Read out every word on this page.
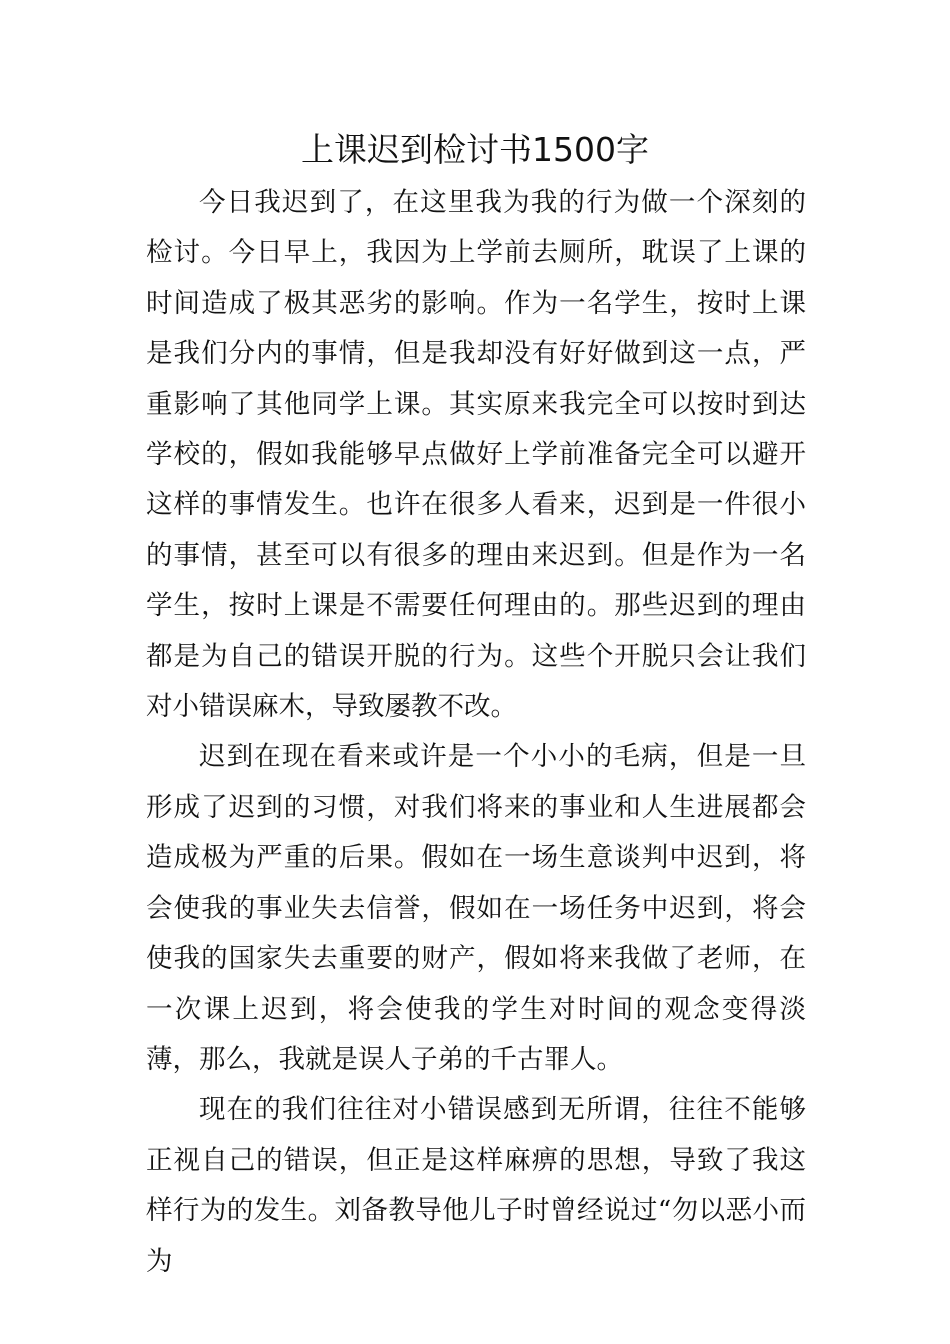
上课迟到检讨书1500字

今日我迟到了，在这里我为我的行为做一个深刻的检讨。今日早上，我因为上学前去厕所，耽误了上课的时间造成了极其恶劣的影响。作为一名学生，按时上课是我们分内的事情，但是我却没有好好做到这一点，严重影响了其他同学上课。其实原来我完全可以按时到达学校的，假如我能够早点做好上学前准备完全可以避开这样的事情发生。也许在很多人看来，迟到是一件很小的事情，甚至可以有很多的理由来迟到。但是作为一名学生，按时上课是不需要任何理由的。那些迟到的理由都是为自己的错误开脱的行为。这些个开脱只会让我们对小错误麻木，导致屡教不改。

迟到在现在看来或许是一个小小的毛病，但是一旦形成了迟到的习惯，对我们将来的事业和人生进展都会造成极为严重的后果。假如在一场生意谈判中迟到，将会使我的事业失去信誉，假如在一场任务中迟到，将会使我的国家失去重要的财产，假如将来我做了老师，在一次课上迟到，将会使我的学生对时间的观念变得淡薄，那么，我就是误人子弟的千古罪人。

现在的我们往往对小错误感到无所谓，往往不能够正视自己的错误，但正是这样麻痹的思想，导致了我这样行为的发生。刘备教导他儿子时曾经说过“勿以恶小而为
